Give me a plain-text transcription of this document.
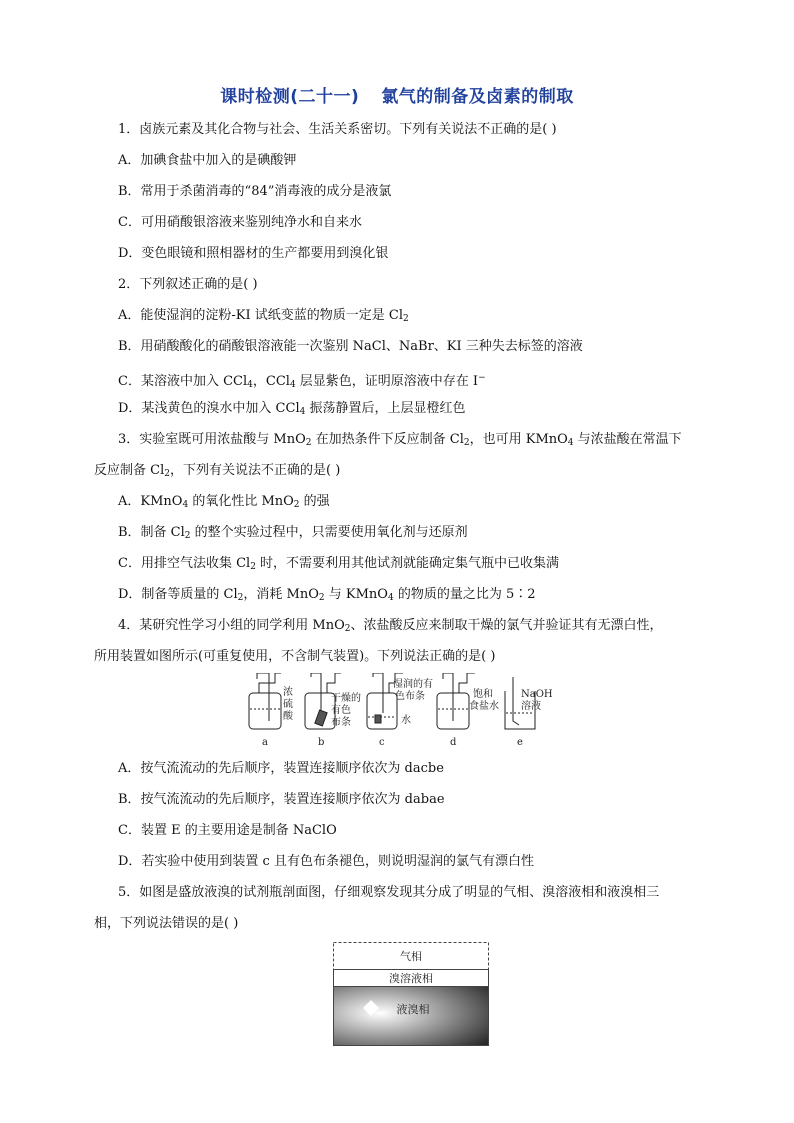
课时检测(二十一) 氯气的制备及卤素的制取
1．卤族元素及其化合物与社会、生活关系密切。下列有关说法不正确的是( )
A．加碘食盐中加入的是碘酸钾
B．常用于杀菌消毒的“84”消毒液的成分是液氯
C．可用硝酸银溶液来鉴别纯净水和自来水
D．变色眼镜和照相器材的生产都要用到溴化银
2．下列叙述正确的是( )
A．能使湿润的淀粉-KI 试纸变蓝的物质一定是 $Cl_2$
B．用硝酸酸化的硝酸银溶液能一次鉴别 NaCl、NaBr、KI 三种失去标签的溶液
C．某溶液中加入 CCl$_4$，CCl$_4$ 层显紫色，证明原溶液中存在 I−
D．某浅黄色的溴水中加入 CCl$_4$ 振荡静置后，上层显橙红色
3．实验室既可用浓盐酸与 MnO$_2$ 在加热条件下反应制备 $Cl_2$，也可用 KMnO$_4$ 与浓盐酸在常温下
反应制备 $Cl_2$，下列有关说法不正确的是( )
A．KMnO$_4$ 的氧化性比 MnO$_2$ 的强
B．制备 $Cl_2$ 的整个实验过程中，只需要使用氧化剂与还原剂
C．用排空气法收集 $Cl_2$ 时，不需要利用其他试剂就能确定集气瓶中已收集满
D．制备等质量的 $Cl_2$，消耗 MnO$_2$ 与 KMnO$_4$ 的物质的量之比为 5∶2
4．某研究性学习小组的同学利用 MnO$_2$、浓盐酸反应来制取干燥的氯气并验证其有无漂白性，
所用装置如图所示(可重复使用，不含制气装置)。下列说法正确的是( )
浓
硫
酸
干燥的
有色
布条
湿润的有
色布条
水
饱和
食盐水
NaOH
溶液
a	b	c	d	e
A．按气流流动的先后顺序，装置连接顺序依次为 dacbe
B．按气流流动的先后顺序，装置连接顺序依次为 dabae
C．装置 E 的主要用途是制备 NaClO
D．若实验中使用到装置 c 且有色布条褪色，则说明湿润的氯气有漂白性
5．如图是盛放液溴的试剂瓶剖面图，仔细观察发现其分成了明显的气相、溴溶液相和液溴相三
相，下列说法错误的是( )
气相
溴溶液相
液溴相
